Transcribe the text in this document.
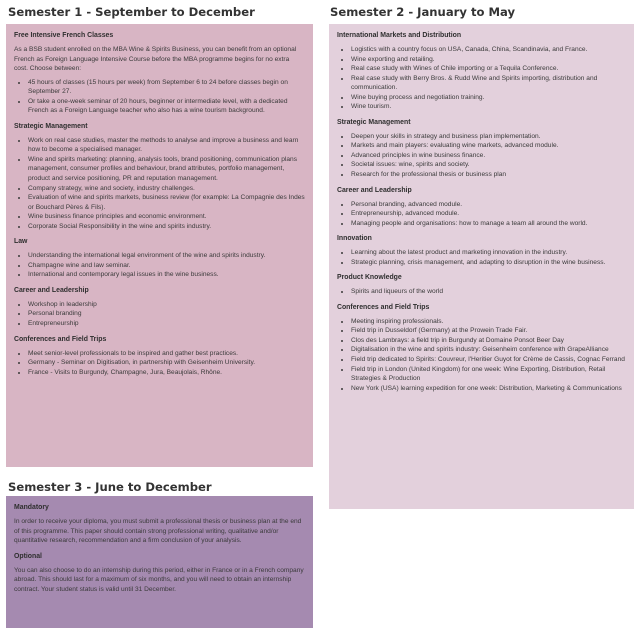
Semester 1 - September to December
Free Intensive French Classes

As a BSB student enrolled on the MBA Wine & Spirits Business, you can benefit from an optional French as Foreign Language Intensive Course before the MBA programme begins for no extra cost. Choose between:

• 45 hours of classes (15 hours per week) from September 6 to 24 before classes begin on September 27.
• Or take a one-week seminar of 20 hours, beginner or intermediate level, with a dedicated French as a Foreign Language teacher who also has a wine tourism background.
Strategic Management
• Work on real case studies, master the methods to analyse and improve a business and learn how to become a specialised manager.
• Wine and spirits marketing: planning, analysis tools, brand positioning, communication plans management, consumer profiles and behaviour, brand attributes, portfolio management, product and service positioning, PR and reputation management.
• Company strategy, wine and society, industry challenges.
• Evaluation of wine and spirits markets, business review (for example: La Compagnie des Indes or Bouchard Pères & Fils).
• Wine business finance principles and economic environment.
• Corporate Social Responsibility in the wine and spirits industry.
Law
• Understanding the international legal environment of the wine and spirits industry.
• Champagne wine and law seminar.
• International and contemporary legal issues in the wine business.
Career and Leadership
• Workshop in leadership
• Personal branding
• Entrepreneurship
Conferences and Field Trips
• Meet senior-level professionals to be inspired and gather best practices.
• Germany - Seminar on Digitisation, in partnership with Geisenheim University.
• France - Visits to Burgundy, Champagne, Jura, Beaujolais, Rhône.
Semester 2 - January to May
International Markets and Distribution
• Logistics with a country focus on USA, Canada, China, Scandinavia, and France.
• Wine exporting and retailing.
• Real case study with Wines of Chile importing or a Tequila Conference.
• Real case study with Berry Bros. & Rudd Wine and Spirits importing, distribution and communication.
• Wine buying process and negotiation training.
• Wine tourism.
Strategic Management
• Deepen your skills in strategy and business plan implementation.
• Markets and main players: evaluating wine markets, advanced module.
• Advanced principles in wine business finance.
• Societal issues: wine, spirits and society.
• Research for the professional thesis or business plan
Career and Leadership
• Personal branding, advanced module.
• Entrepreneurship, advanced module.
• Managing people and organisations: how to manage a team all around the world.
Innovation
• Learning about the latest product and marketing innovation in the industry.
• Strategic planning, crisis management, and adapting to disruption in the wine business.
Product Knowledge
• Spirits and liqueurs of the world
Conferences and Field Trips
• Meeting inspiring professionals.
• Field trip in Dusseldorf (Germany) at the Prowein Trade Fair.
• Clos des Lambrays: a field trip in Burgundy at Domaine Ponsot Beer Day
• Digitalisation in the wine and spirits industry: Geisenheim conference with GrapeAlliance
• Field trip dedicated to Spirits: Couvreur, l'Heritier Guyot for Crème de Cassis, Cognac Ferrand
• Field trip in London (United Kingdom) for one week: Wine Exporting, Distribution, Retail Strategies & Production
• New York (USA) learning expedition for one week: Distribution, Marketing & Communications
Semester 3 - June to December
Mandatory

In order to receive your diploma, you must submit a professional thesis or business plan at the end of this programme. This paper should contain strong professional writing, qualitative and/or quantitative research, recommendation and a firm conclusion of your analysis.

Optional

You can also choose to do an internship during this period, either in France or in a French company abroad. This should last for a maximum of six months, and you will need to obtain an internship contract. Your student status is valid until 31 December.
